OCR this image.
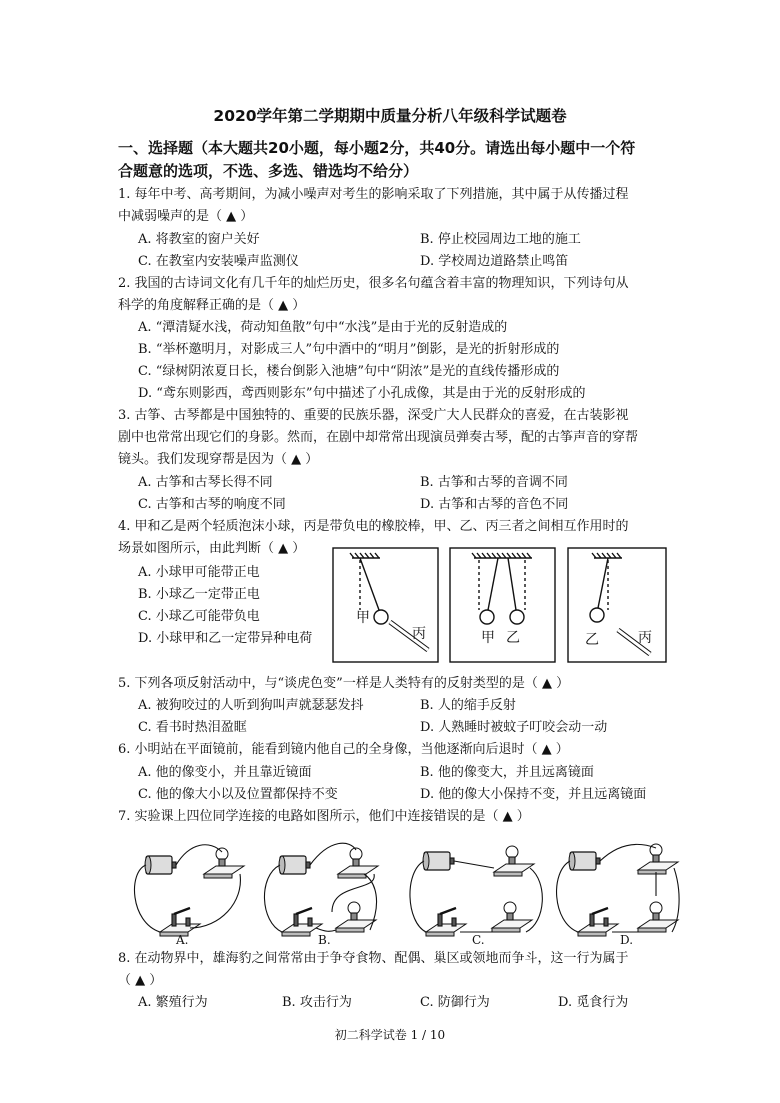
2020学年第二学期期中质量分析八年级科学试题卷
一、选择题（本大题共20小题，每小题2分，共40分。请选出每小题中一个符
合题意的选项，不选、多选、错选均不给分）
1. 每年中考、高考期间，为减小噪声对考生的影响采取了下列措施，其中属于从传播过程
中减弱噪声的是（ ▲ ）
A. 将教室的窗户关好	B. 停止校园周边工地的施工
C. 在教室内安装噪声监测仪	D. 学校周边道路禁止鸣笛
2. 我国的古诗词文化有几千年的灿烂历史，很多名句蕴含着丰富的物理知识，下列诗句从
科学的角度解释正确的是（ ▲ ）
A. “潭清疑水浅，荷动知鱼散”句中“水浅”是由于光的反射造成的
B. “举杯邀明月，对影成三人”句中酒中的“明月”倒影，是光的折射形成的
C. “绿树阴浓夏日长，楼台倒影入池塘”句中“阴浓”是光的直线传播形成的
D. “鸢东则影西，鸢西则影东”句中描述了小孔成像，其是由于光的反射形成的
3. 古筝、古琴都是中国独特的、重要的民族乐器，深受广大人民群众的喜爱，在古装影视
剧中也常常出现它们的身影。然而，在剧中却常常出现演员弹奏古琴，配的古筝声音的穿帮
镜头。我们发现穿帮是因为（ ▲ ）
A. 古筝和古琴长得不同	B. 古筝和古琴的音调不同
C. 古筝和古琴的响度不同	D. 古筝和古琴的音色不同
4. 甲和乙是两个轻质泡沫小球，丙是带负电的橡胶棒，甲、乙、丙三者之间相互作用时的
场景如图所示，由此判断（ ▲ ）
A. 小球甲可能带正电
B. 小球乙一定带正电
C. 小球乙可能带负电
D. 小球甲和乙一定带异种电荷
甲
丙	甲 乙	乙	丙
5. 下列各项反射活动中，与“谈虎色变”一样是人类特有的反射类型的是（ ▲ ）
A. 被狗咬过的人听到狗叫声就瑟瑟发抖	B. 人的缩手反射
C. 看书时热泪盈眶	D. 人熟睡时被蚊子叮咬会动一动
6. 小明站在平面镜前，能看到镜内他自己的全身像，当他逐渐向后退时（ ▲ ）
A. 他的像变小，并且靠近镜面	B. 他的像变大，并且远离镜面
C. 他的像大小以及位置都保持不变	D. 他的像大小保持不变，并且远离镜面
7. 实验课上四位同学连接的电路如图所示，他们中连接错误的是（ ▲ ）
A.	B.	C.	D.
8. 在动物界中，雄海豹之间常常由于争夺食物、配偶、巢区或领地而争斗，这一行为属于
（ ▲ ）
A. 繁殖行为	B. 攻击行为	C. 防御行为	D. 觅食行为
初二科学试卷 1 / 10
